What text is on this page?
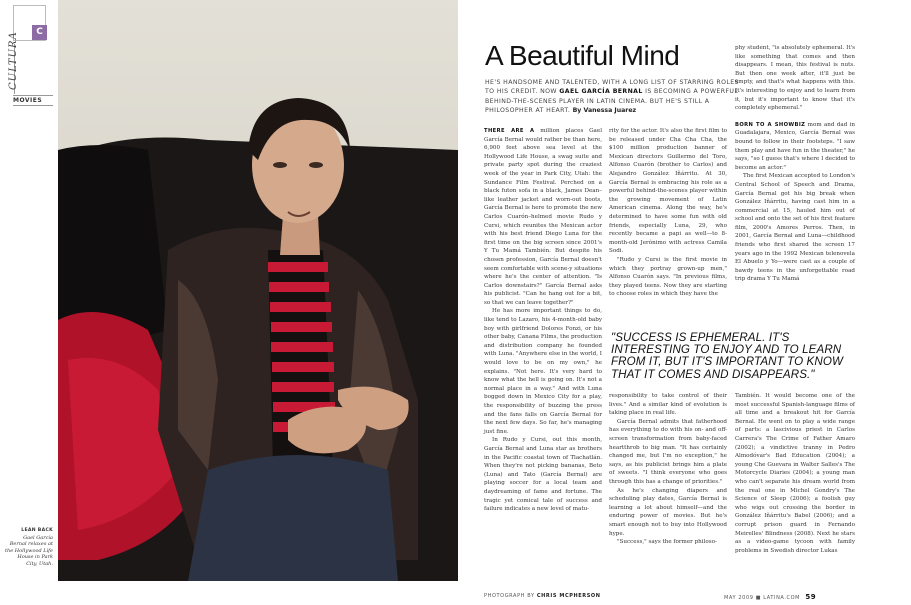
C
CULTURA
MOVIES
LEAN BACK
Gael García Bernal relaxes at the Hollywood Life House in Park City, Utah.
PHOTOGRAPH BY CHRIS MCPHERSON
A Beautiful Mind
HE'S HANDSOME AND TALENTED, WITH A LONG LIST OF STARRING ROLES TO HIS CREDIT. NOW GAEL GARCÍA BERNAL IS BECOMING A POWERFUL BEHIND-THE-SCENES PLAYER IN LATIN CINEMA. BUT HE'S STILL A PHILOSOPHER AT HEART. By Vanessa Juarez

THERE ARE A million places Gael García Bernal would rather be than here, 6,900 feet above sea level at the Hollywood Life House, a swag suite and private party spot during the craziest week of the year in Park City, Utah: the Sundance Film Festival. Perched on a black futon sofa in a black, James Dean–like leather jacket and worn-out boots, García Bernal is here to promote the new Carlos Cuarón–helmed movie Rudo y Cursi, which reunites the Mexican actor with his best friend Diego Luna for the first time on the big screen since 2001's Y Tu Mamá También. But despite his chosen profession, García Bernal doesn't seem comfortable with scene-y situations where he's the center of attention. "Is Carlos downstairs?" García Bernal asks his publicist. "Can he hang out for a bit, so that we can leave together?"

He has more important things to do, like tend to Lazaro, his 4-month-old baby boy with girlfriend Dolores Fonzi, or his other baby, Canana Films, the production and distribution company he founded with Luna. "Anywhere else in the world, I would love to be on my own," he explains. "Not here. It's very hard to know what the hell is going on. It's not a normal place in a way." And with Luna bogged down in Mexico City for a play, the responsibility of buzzing the press and the fans falls on García Bernal for the next few days. So far, he's managing just fine.

In Rudo y Cursi, out this month, García Bernal and Luna star as brothers in the Pacific coastal town of Tlachatlán. When they're not picking bananas, Beto (Luna) and Tato (García Bernal) are playing soccer for a local team and daydreaming of fame and fortune. The tragic yet comical tale of success and failure indicates a new level of matu-

rity for the actor. It's also the first film to be released under Cha Cha Cha, the $100 million production banner of Mexican directors Guillermo del Toro, Alfonso Cuarón (brother to Carlos) and Alejandro González Iñárritu. At 30, García Bernal is embracing his role as a powerful behind-the-scenes player within the growing movement of Latin American cinema. Along the way, he's determined to have some fun with old friends, especially Luna, 29, who recently became a papi as well—to 8-month-old Jerónimo with actress Camila Sodi.

"Rudo y Cursi is the first movie in which they portray grown-up men," Alfonso Cuarón says. "In previous films, they played teens. Now they are starting to choose roles in which they have the

phy student, "is absolutely ephemeral. It's like something that comes and then disappears. I mean, this festival is nuts. But then one week after, it'll just be empty, and that's what happens with this. It's interesting to enjoy and to learn from it, but it's important to know that it's completely ephemeral."

BORN TO A SHOWBIZ mom and dad in Guadalajara, Mexico, García Bernal was bound to follow in their footsteps. "I saw them play and have fun in the theater," he says, "so I guess that's where I decided to become an actor."

The first Mexican accepted to London's Central School of Speech and Drama, García Bernal got his big break when González Iñárritu, having cast him in a commercial at 15, hauled him out of school and onto the set of his first feature film, 2000's Amores Perros. Then, in 2001, García Bernal and Luna—childhood friends who first shared the screen 17 years ago in the 1992 Mexican telenovela El Abuelo y Yo—were cast as a couple of bawdy teens in the unforgettable road trip drama Y Tu Mamá

"SUCCESS IS EPHEMERAL. IT'S INTERESTING TO ENJOY AND TO LEARN FROM IT, BUT IT'S IMPORTANT TO KNOW THAT IT COMES AND DISAPPEARS."

responsibility to take control of their lives." And a similar kind of evolution is taking place in real life.

García Bernal admits that fatherhood has everything to do with his on- and off-screen transformation from baby-faced heartthrob to big man. "It has certainly changed me, but I'm no exception," he says, as his publicist brings him a plate of sweets. "I think everyone who goes through this has a change of priorities."

As he's changing diapers and scheduling play dates, García Bernal is learning a lot about himself—and the enduring power of movies. But he's smart enough not to buy into Hollywood hype.

"Success," says the former philoso-

También. It would become one of the most successful Spanish-language films of all time and a breakout hit for García Bernal. He went on to play a wide range of parts: a lascivious priest in Carlos Carrera's The Crime of Father Amaro (2002); a vindictive tranny in Pedro Almodóvar's Bad Education (2004); a young Che Guevara in Walter Salles's The Motorcycle Diaries (2004); a young man who can't separate his dream world from the real one in Michel Gondry's The Science of Sleep (2006); a foolish guy who wigs out crossing the border in González Iñárritu's Babel (2006); and a corrupt prison guard in Fernando Meirelles' Blindness (2008). Next he stars as a video-game tycoon with family problems in Swedish director Lukas

MAY 2009 ■ LATINA.COM 59
